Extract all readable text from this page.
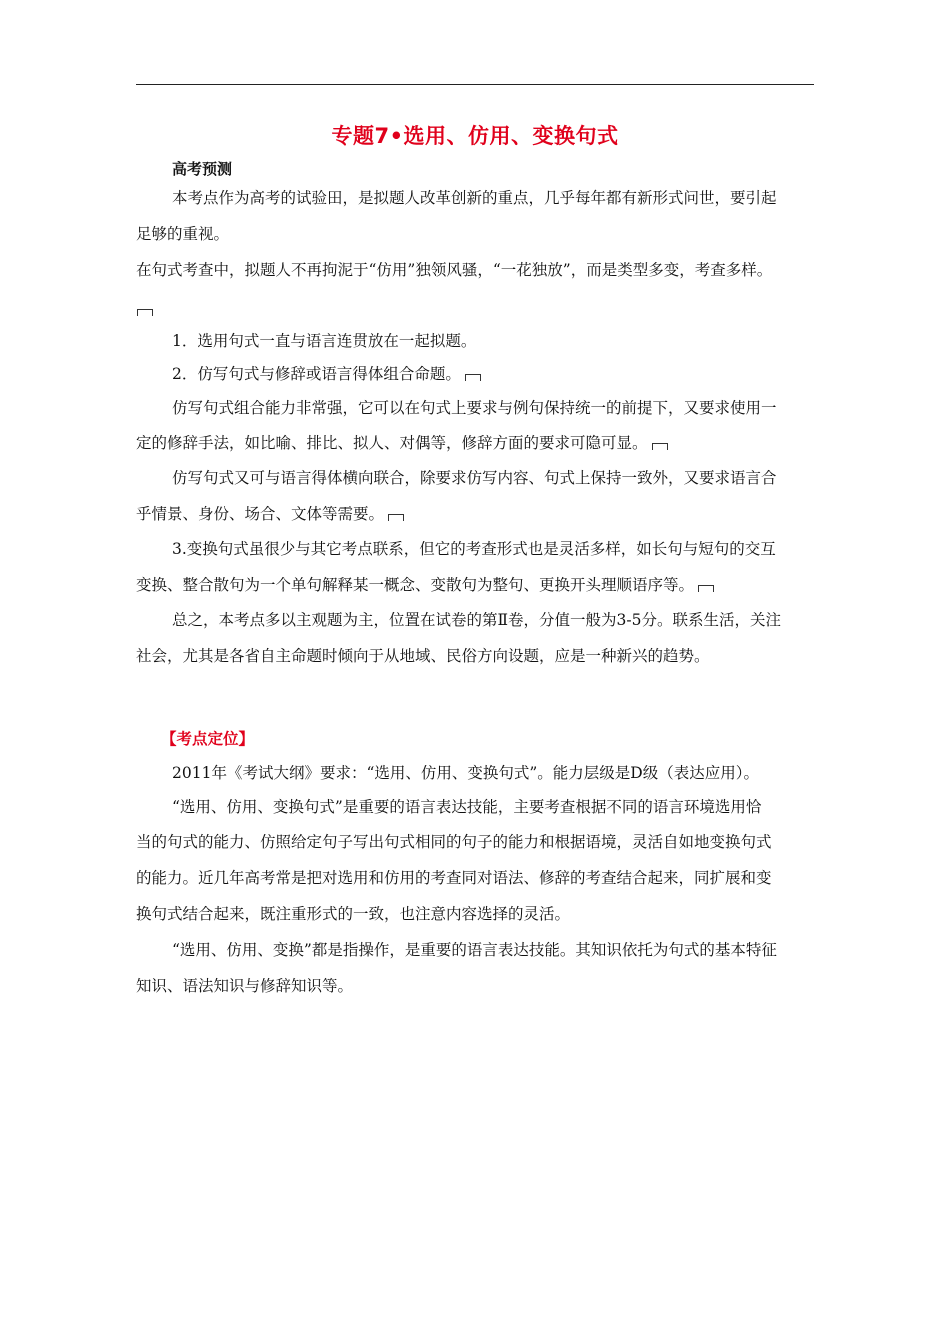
专题7•选用、仿用、变换句式
高考预测
本考点作为高考的试验田，是拟题人改革创新的重点，几乎每年都有新形式问世，要引起
足够的重视。
在句式考查中，拟题人不再拘泥于“仿用”独领风骚，“一花独放”，而是类型多变，考查多样。
1．选用句式一直与语言连贯放在一起拟题。
2．仿写句式与修辞或语言得体组合命题。
仿写句式组合能力非常强，它可以在句式上要求与例句保持统一的前提下，又要求使用一
定的修辞手法，如比喻、排比、拟人、对偶等，修辞方面的要求可隐可显。
仿写句式又可与语言得体横向联合，除要求仿写内容、句式上保持一致外，又要求语言合
乎情景、身份、场合、文体等需要。
3.变换句式虽很少与其它考点联系，但它的考查形式也是灵活多样，如长句与短句的交互
变换、整合散句为一个单句解释某一概念、变散句为整句、更换开头理顺语序等。
总之，本考点多以主观题为主，位置在试卷的第Ⅱ卷，分值一般为3-5分。联系生活，关注
社会，尤其是各省自主命题时倾向于从地域、民俗方向设题，应是一种新兴的趋势。
【考点定位】
2011年《考试大纲》要求：“选用、仿用、变换句式”。能力层级是D级（表达应用）。
“选用、仿用、变换句式”是重要的语言表达技能，主要考查根据不同的语言环境选用恰
当的句式的能力、仿照给定句子写出句式相同的句子的能力和根据语境，灵活自如地变换句式
的能力。近几年高考常是把对选用和仿用的考查同对语法、修辞的考查结合起来，同扩展和变
换句式结合起来，既注重形式的一致，也注意内容选择的灵活。
“选用、仿用、变换”都是指操作，是重要的语言表达技能。其知识依托为句式的基本特征
知识、语法知识与修辞知识等。
